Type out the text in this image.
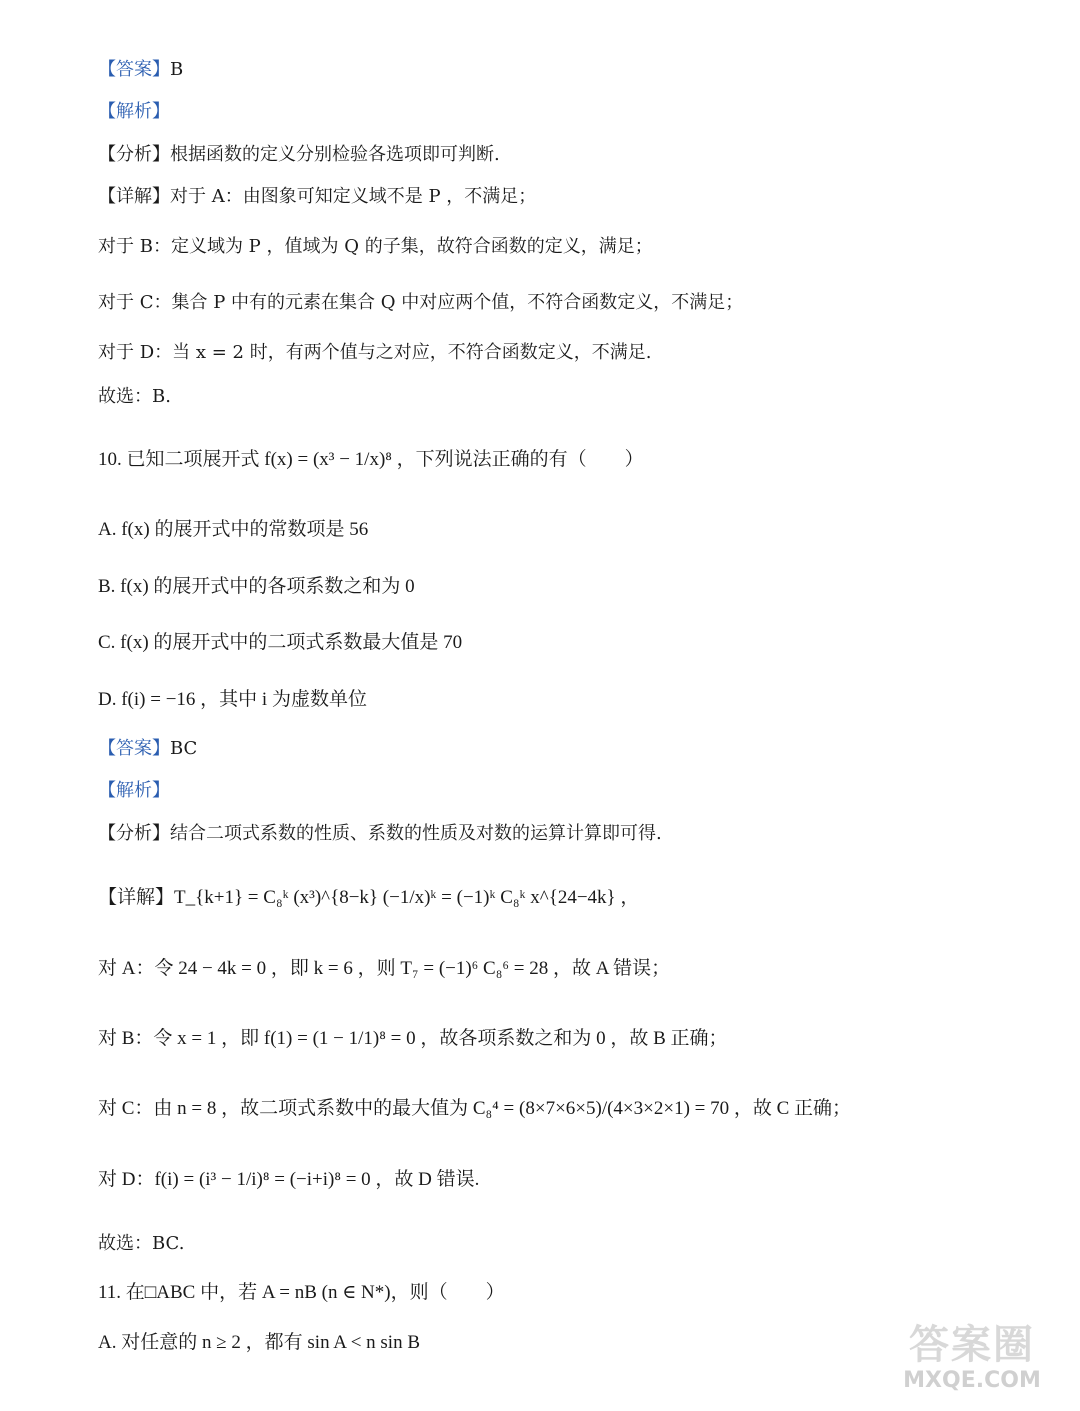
【答案】B
【解析】
【分析】根据函数的定义分别检验各选项即可判断.
【详解】对于 A：由图象可知定义域不是 P ，不满足；
对于 B：定义域为 P ，值域为 Q 的子集，故符合函数的定义，满足；
对于 C：集合 P 中有的元素在集合 Q 中对应两个值，不符合函数定义，不满足；
对于 D：当 x = 2 时，有两个值与之对应，不符合函数定义，不满足.
故选：B.
10. 已知二项展开式 f(x) = (x³ − 1/x)⁸ ，下列说法正确的有（　　）
A. f(x) 的展开式中的常数项是 56
B. f(x) 的展开式中的各项系数之和为 0
C. f(x) 的展开式中的二项式系数最大值是 70
D. f(i) = −16 ，其中 i 为虚数单位
【答案】BC
【解析】
【分析】结合二项式系数的性质、系数的性质及对数的运算计算即可得.
【详解】T_{k+1} = C₈ᵏ (x³)^{8−k} (−1/x)ᵏ = (−1)ᵏ C₈ᵏ x^{24−4k} ，
对 A：令 24 − 4k = 0 ，即 k = 6 ，则 T₇ = (−1)⁶ C₈⁶ = 28 ，故 A 错误；
对 B：令 x = 1 ，即 f(1) = (1 − 1/1)⁸ = 0 ，故各项系数之和为 0 ，故 B 正确；
对 C：由 n = 8 ，故二项式系数中的最大值为 C₈⁴ = (8×7×6×5)/(4×3×2×1) = 70 ，故 C 正确；
对 D：f(i) = (i³ − 1/i)⁸ = (−i+i)⁸ = 0 ，故 D 错误.
故选：BC.
11. 在□ABC 中，若 A = nB (n ∈ N*)，则（　　）
A. 对任意的 n ≥ 2 ，都有 sin A < n sin B	答案圈
MXQE.COM
